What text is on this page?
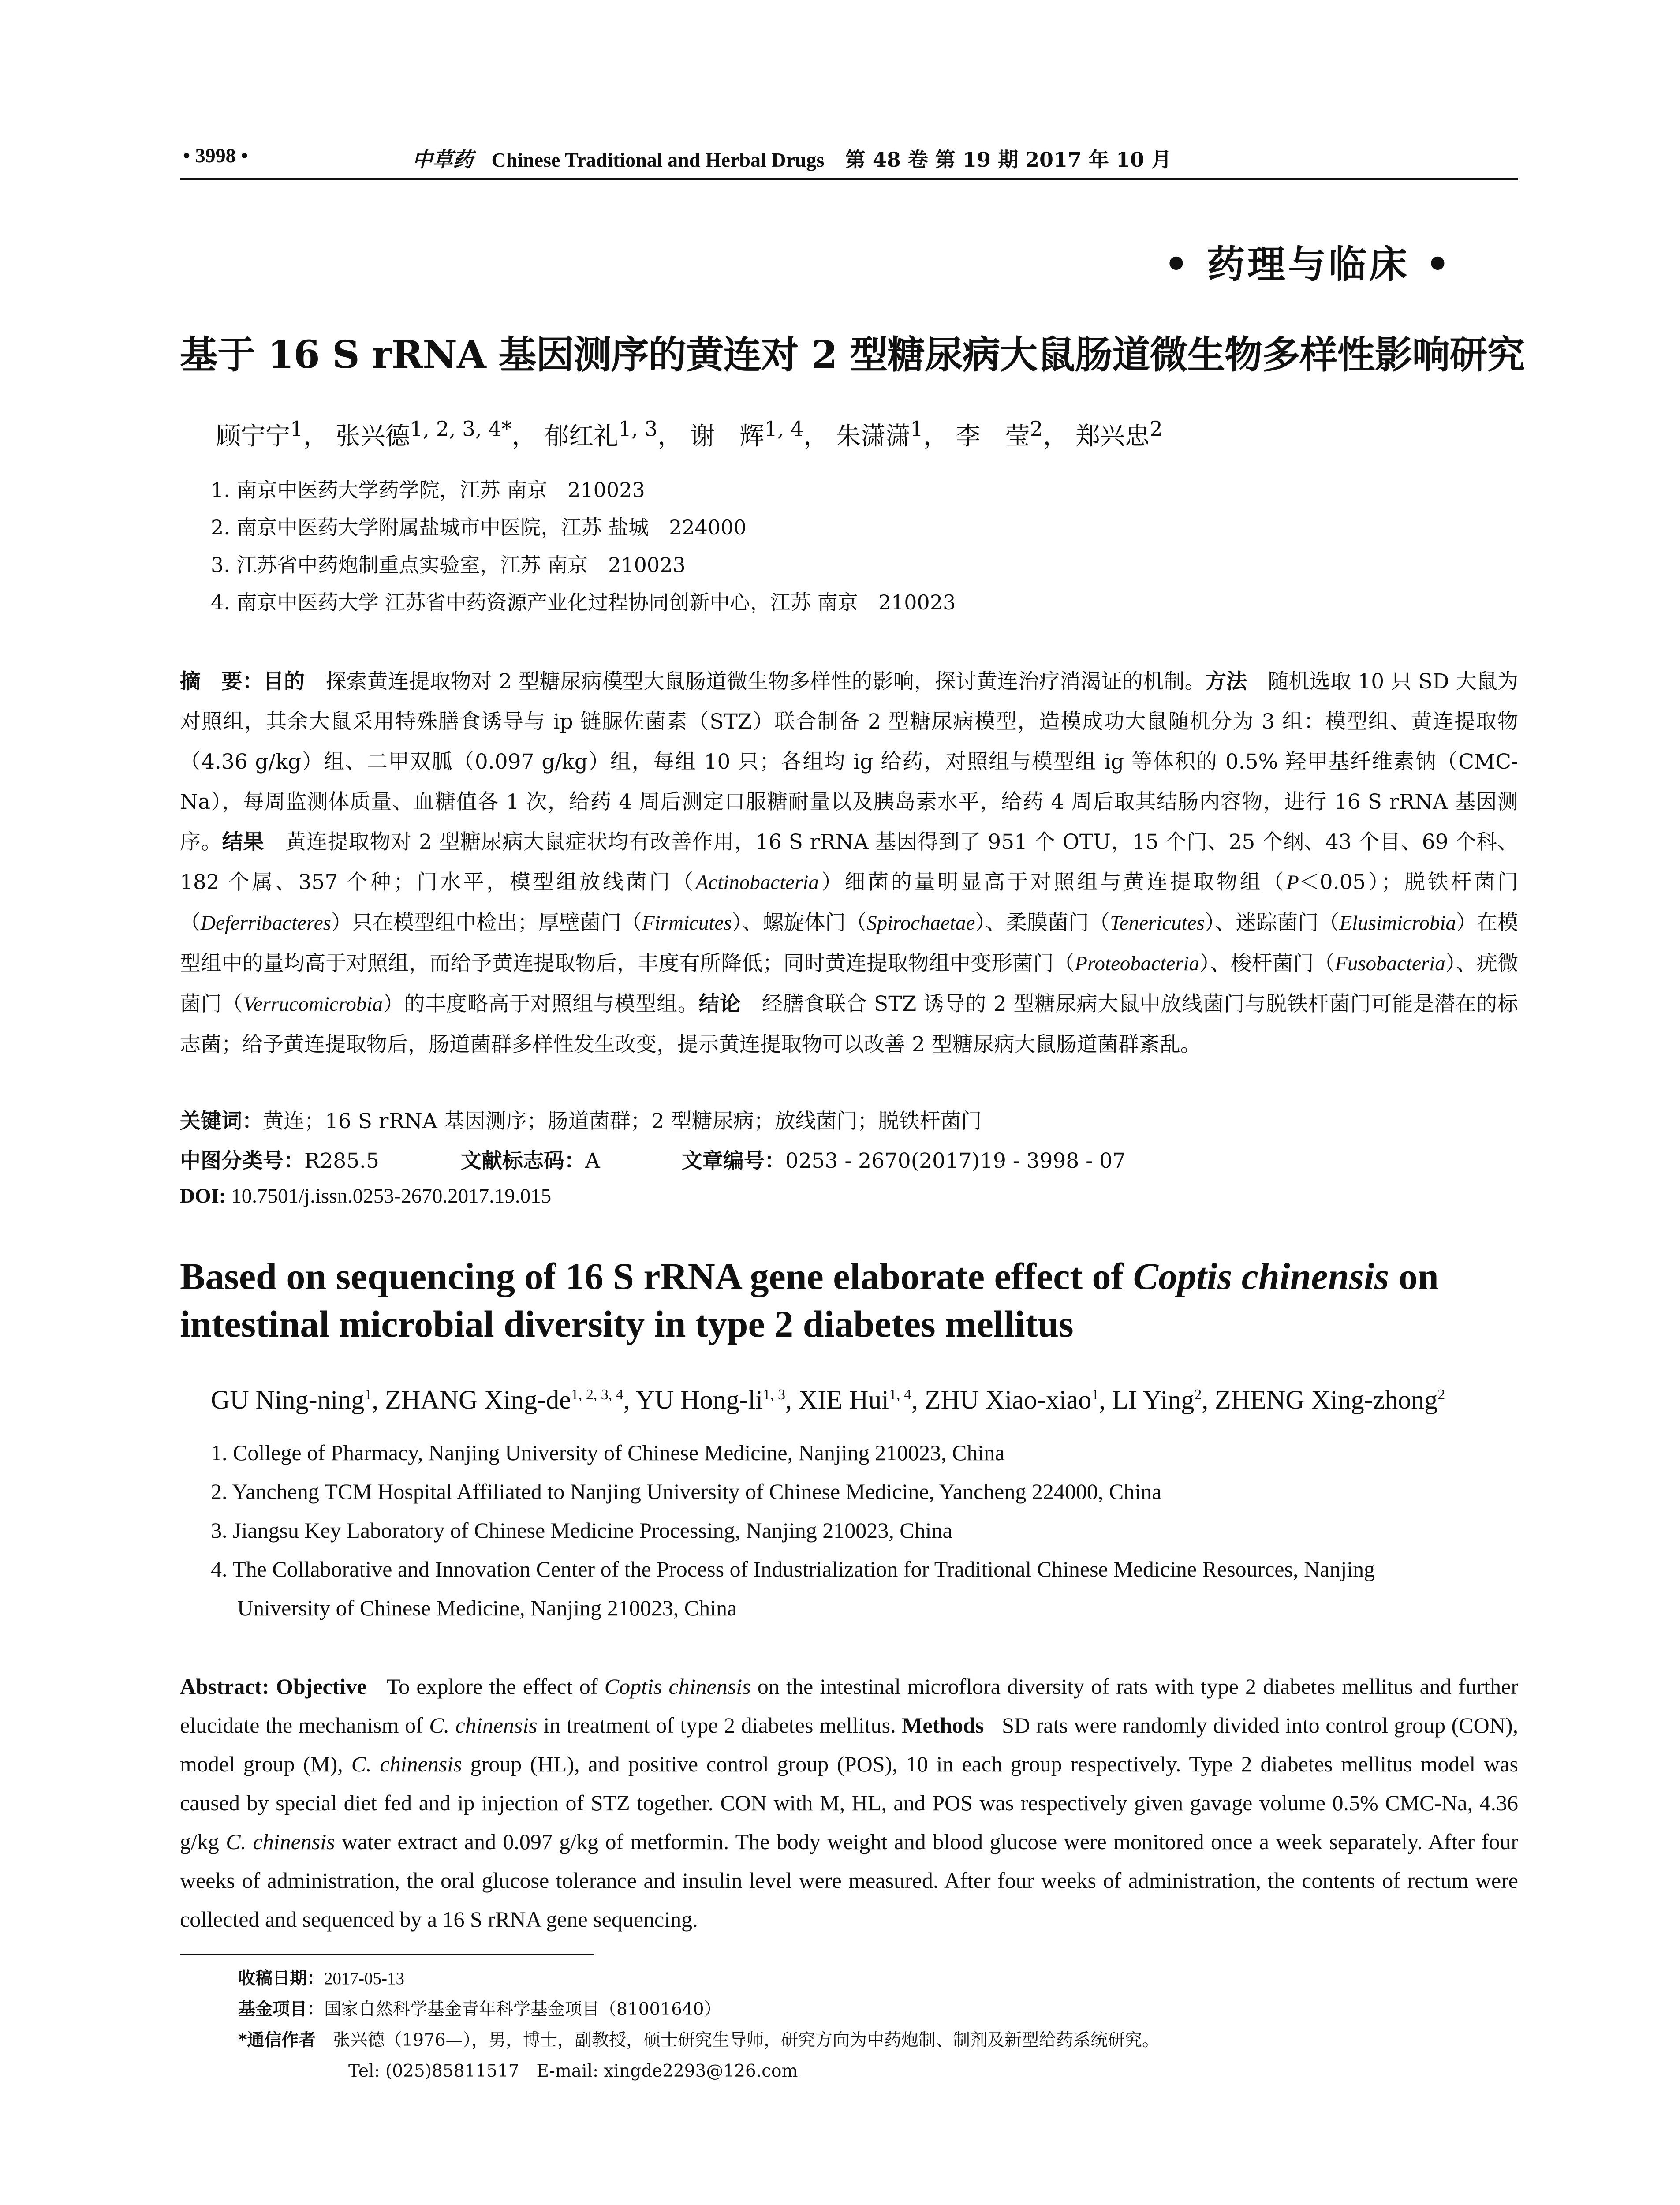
• 3998 •	中草药 Chinese Traditional and Herbal Drugs 第 48 卷 第 19 期 2017 年 10 月
• 药理与临床 •
基于 16 S rRNA 基因测序的黄连对 2 型糖尿病大鼠肠道微生物多样性影响研究
顾宁宁$^1$， 张兴德$^{1, 2, 3, 4*}$， 郁红礼$^{1, 3}$， 谢　辉$^{1, 4}$， 朱潇潇$^1$， 李　莹$^2$， 郑兴忠$^2$
1. 南京中医药大学药学院，江苏 南京　210023
2. 南京中医药大学附属盐城市中医院，江苏 盐城　224000
3. 江苏省中药炮制重点实验室，江苏 南京　210023
4. 南京中医药大学 江苏省中药资源产业化过程协同创新中心，江苏 南京　210023
摘　要：目的　 探索黄连提取物对 2 型糖尿病模型大鼠肠道微生物多样性的影响，探讨黄连治疗消渴证的机制。方法　 随机选取 10 只 SD 大鼠为对照组，其余大鼠采用特殊膳食诱导与 ip 链脲佐菌素（STZ）联合制备 2 型糖尿病模型，造模成功大鼠随机分为 3 组：模型组、黄连提取物（4.36 g/kg）组、二甲双胍（0.097 g/kg）组，每组 10 只；各组均 ig 给药，对照组与模型组 ig 等体积的 0.5% 羟甲基纤维素钠（CMC-Na），每周监测体质量、血糖值各 1 次，给药 4 周后测定口服糖耐量以及胰岛素水平，给药 4 周后取其结肠内容物，进行 16 S rRNA 基因测序。结果　 黄连提取物对 2 型糖尿病大鼠症状均有改善作用，16 S rRNA 基因得到了 951 个 OTU，15 个门、25 个纲、43 个目、69 个科、182 个属、357 个种；门水平，模型组放线菌门（Actinobacteria）细菌的量明显高于对照组与黄连提取物组（P＜0.05）；脱铁杆菌门（Deferribacteres）只在模型组中检出；厚壁菌门（Firmicutes）、螺旋体门（Spirochaetae）、柔膜菌门（Tenericutes）、迷踪菌门（Elusimicrobia）在模型组中的量均高于对照组，而给予黄连提取物后，丰度有所降低；同时黄连提取物组中变形菌门（Proteobacteria）、梭杆菌门（Fusobacteria）、疣微菌门（Verrucomicrobia）的丰度略高于对照组与模型组。结论　 经膳食联合 STZ 诱导的 2 型糖尿病大鼠中放线菌门与脱铁杆菌门可能是潜在的标志菌；给予黄连提取物后，肠道菌群多样性发生改变，提示黄连提取物可以改善 2 型糖尿病大鼠肠道菌群紊乱。
关键词：黄连；16 S rRNA 基因测序；肠道菌群；2 型糖尿病；放线菌门；脱铁杆菌门
中图分类号：R285.5	文献标志码：A	文章编号：0253 - 2670(2017)19 - 3998 - 07
DOI: 10.7501/j.issn.0253-2670.2017.19.015
Based on sequencing of 16 S rRNA gene elaborate effect of Coptis chinensis on intestinal microbial diversity in type 2 diabetes mellitus
GU Ning-ning$^1$, ZHANG Xing-de$^{1, 2, 3, 4}$, YU Hong-li$^{1, 3}$, XIE Hui$^{1, 4}$, ZHU Xiao-xiao$^1$, LI Ying$^2$, ZHENG Xing-zhong$^2$
1. College of Pharmacy, Nanjing University of Chinese Medicine, Nanjing 210023, China
2. Yancheng TCM Hospital Affiliated to Nanjing University of Chinese Medicine, Yancheng 224000, China
3. Jiangsu Key Laboratory of Chinese Medicine Processing, Nanjing 210023, China
4. The Collaborative and Innovation Center of the Process of Industrialization for Traditional Chinese Medicine Resources, Nanjing
University of Chinese Medicine, Nanjing 210023, China
Abstract: Objective To explore the effect of Coptis chinensis on the intestinal microflora diversity of rats with type 2 diabetes mellitus and further elucidate the mechanism of C. chinensis in treatment of type 2 diabetes mellitus. Methods SD rats were randomly divided into control group (CON), model group (M), C. chinensis group (HL), and positive control group (POS), 10 in each group respectively. Type 2 diabetes mellitus model was caused by special diet fed and ip injection of STZ together. CON with M, HL, and POS was respectively given gavage volume 0.5% CMC-Na, 4.36 g/kg C. chinensis water extract and 0.097 g/kg of metformin. The body weight and blood glucose were monitored once a week separately. After four weeks of administration, the oral glucose tolerance and insulin level were measured. After four weeks of administration, the contents of rectum were collected and sequenced by a 16 S rRNA gene sequencing.
收稿日期：2017-05-13
基金项目：国家自然科学基金青年科学基金项目（81001640）
*通信作者　 张兴德（1976—），男，博士，副教授，硕士研究生导师，研究方向为中药炮制、制剂及新型给药系统研究。
Tel: (025)85811517　E-mail: xingde2293@126.com
